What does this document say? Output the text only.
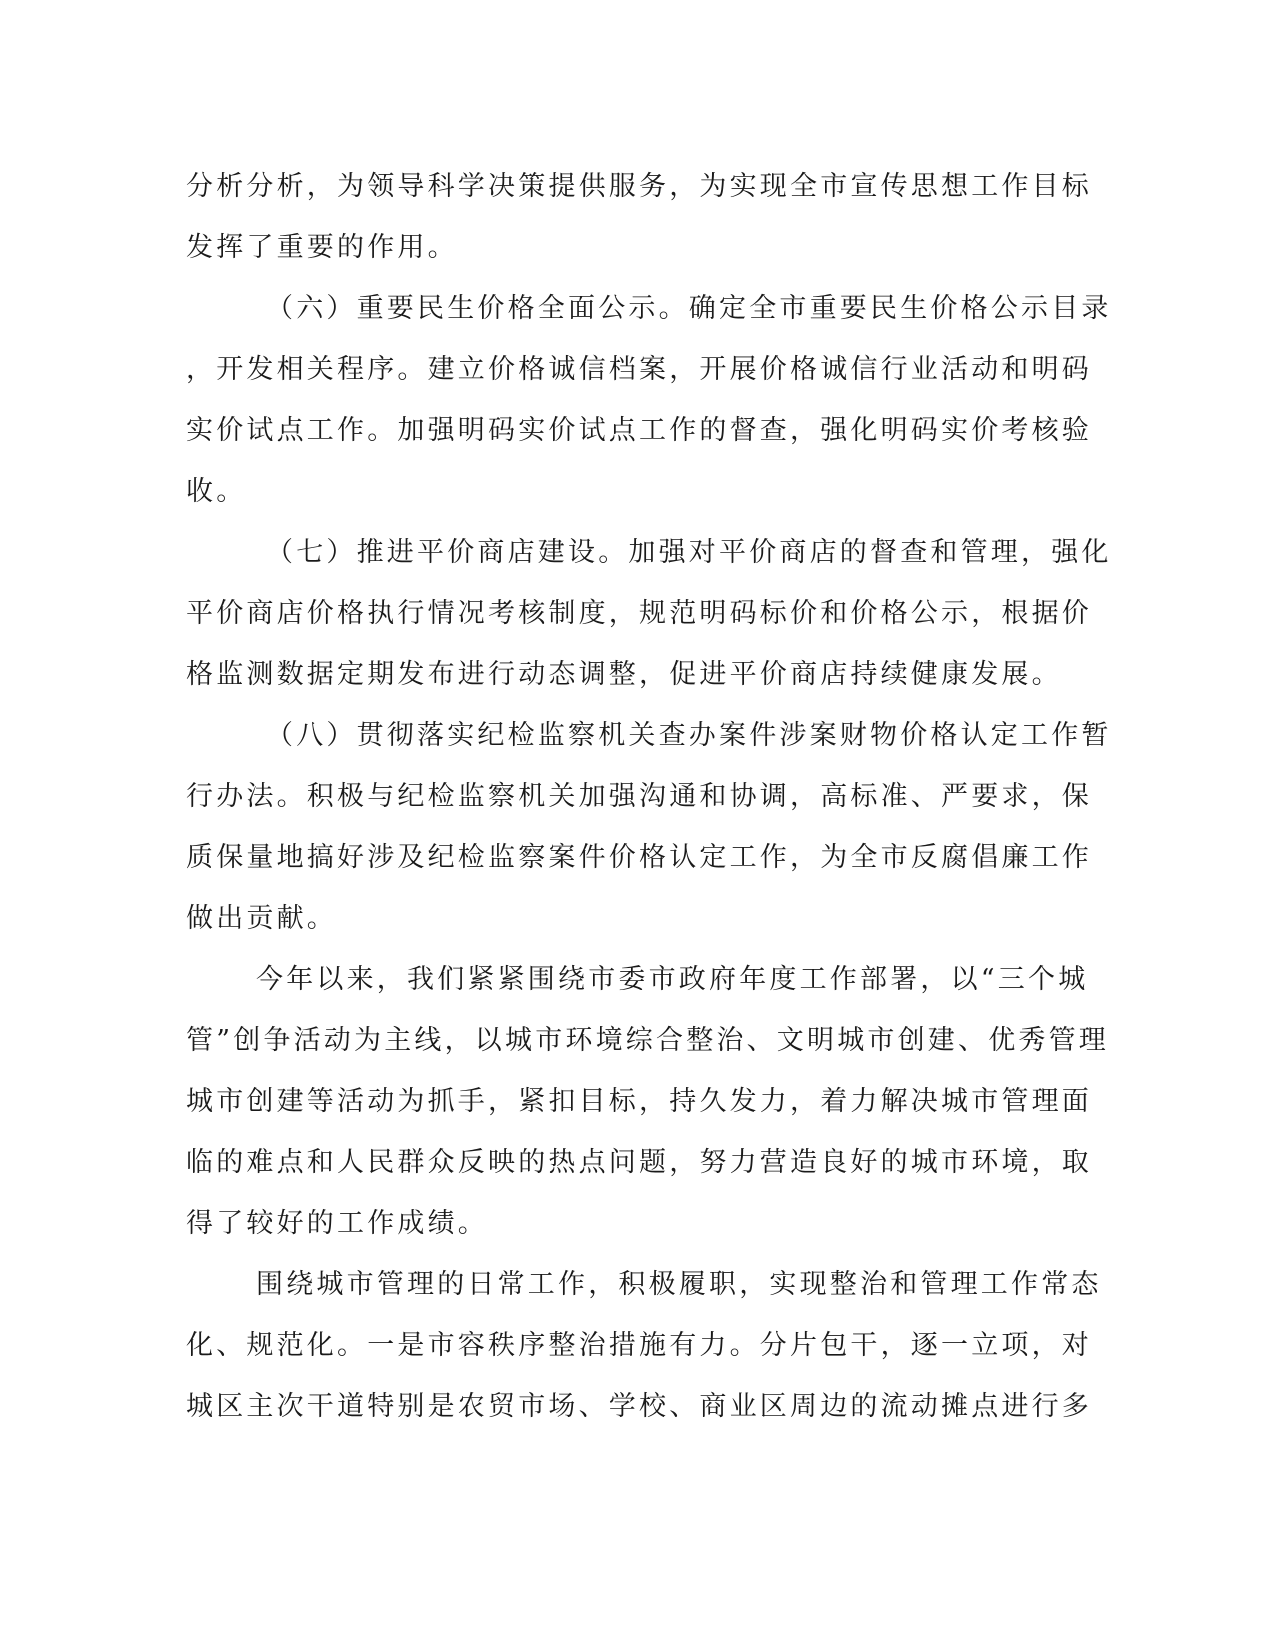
分析分析，为领导科学决策提供服务，为实现全市宣传思想工作目标
发挥了重要的作用。
（六）重要民生价格全面公示。确定全市重要民生价格公示目录
，开发相关程序。建立价格诚信档案，开展价格诚信行业活动和明码
实价试点工作。加强明码实价试点工作的督查，强化明码实价考核验
收。
（七）推进平价商店建设。加强对平价商店的督查和管理，强化
平价商店价格执行情况考核制度，规范明码标价和价格公示，根据价
格监测数据定期发布进行动态调整，促进平价商店持续健康发展。
（八）贯彻落实纪检监察机关查办案件涉案财物价格认定工作暂
行办法。积极与纪检监察机关加强沟通和协调，高标准、严要求，保
质保量地搞好涉及纪检监察案件价格认定工作，为全市反腐倡廉工作
做出贡献。
今年以来，我们紧紧围绕市委市政府年度工作部署，以“三个城
管”创争活动为主线，以城市环境综合整治、文明城市创建、优秀管理
城市创建等活动为抓手，紧扣目标，持久发力，着力解决城市管理面
临的难点和人民群众反映的热点问题，努力营造良好的城市环境，取
得了较好的工作成绩。
围绕城市管理的日常工作，积极履职，实现整治和管理工作常态
化、规范化。一是市容秩序整治措施有力。分片包干，逐一立项，对
城区主次干道特别是农贸市场、学校、商业区周边的流动摊点进行多
